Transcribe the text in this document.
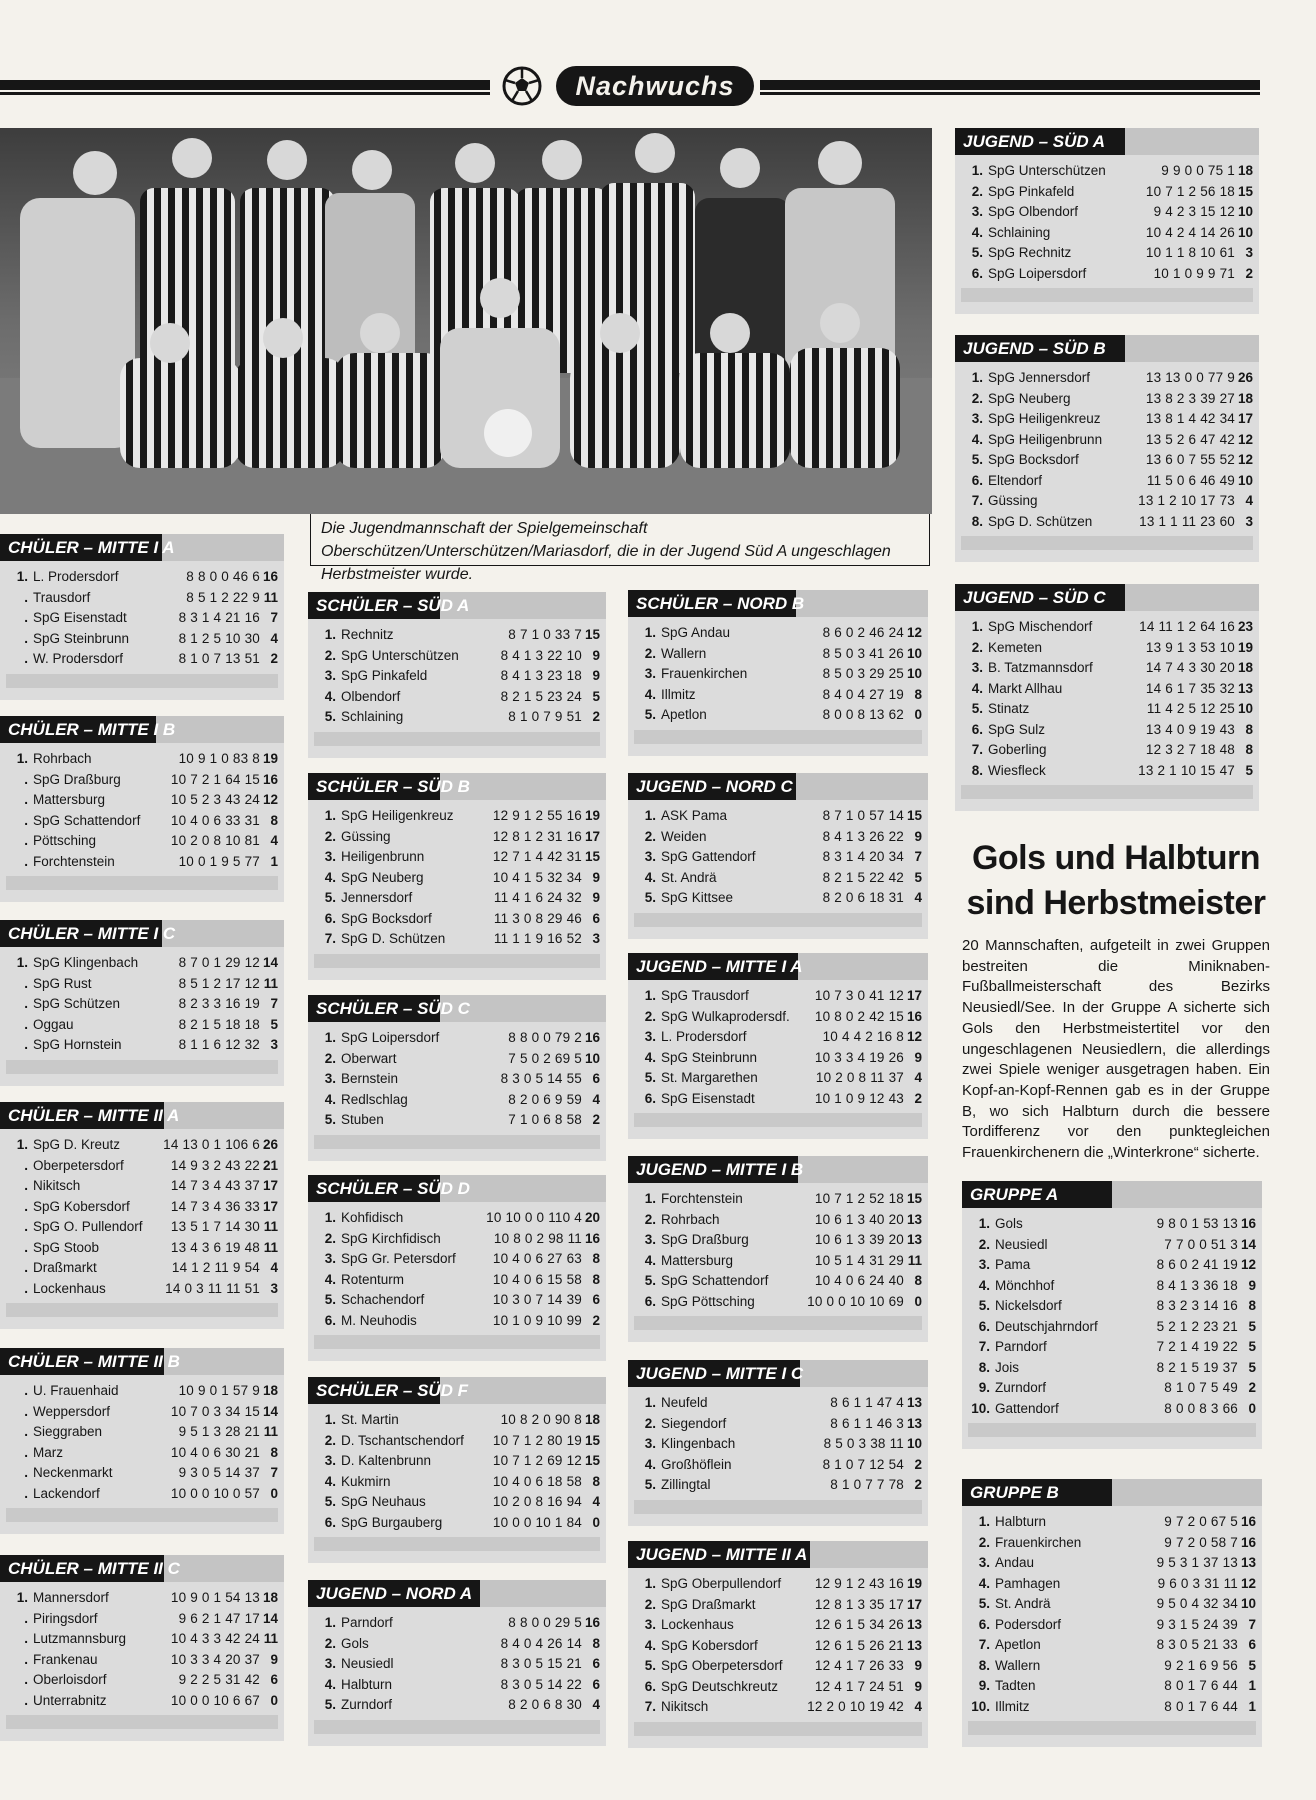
Nachwuchs
Die Jugendmannschaft der Spielgemeinschaft Oberschützen/Unterschützen/Mariasdorf, die in der Jugend Süd A ungeschlagen Herbstmeister wurde.
CHÜLER – MITTE I A
1. L. Prodersdorf	8 8 0 0 46 6 16
. Trausdorf	8 5 1 2 22 9 11
. SpG Eisenstadt	8 3 1 4 21 16 7
. SpG Steinbrunn	8 1 2 5 10 30 4
. W. Prodersdorf	8 1 0 7 13 51 2
CHÜLER – MITTE I B
1. Rohrbach	10 9 1 0 83 8 19
. SpG Draßburg	10 7 2 1 64 15 16
. Mattersburg	10 5 2 3 43 24 12
. SpG Schattendorf	10 4 0 6 33 31 8
. Pöttsching	10 2 0 8 10 81 4
. Forchtenstein	10 0 1 9 5 77 1
CHÜLER – MITTE I C
1. SpG Klingenbach	8 7 0 1 29 12 14
. SpG Rust	8 5 1 2 17 12 11
. SpG Schützen	8 2 3 3 16 19 7
. Oggau	8 2 1 5 18 18 5
. SpG Hornstein	8 1 1 6 12 32 3
CHÜLER – MITTE II A
1. SpG D. Kreutz	14 13 0 1 106 6 26
. Oberpetersdorf	14 9 3 2 43 22 21
. Nikitsch	14 7 3 4 43 37 17
. SpG Kobersdorf	14 7 3 4 36 33 17
. SpG O. Pullendorf	13 5 1 7 14 30 11
. SpG Stoob	13 4 3 6 19 48 11
. Draßmarkt	14 1 2 11 9 54 4
. Lockenhaus	14 0 3 11 11 51 3
CHÜLER – MITTE II B
. U. Frauenhaid	10 9 0 1 57 9 18
. Weppersdorf	10 7 0 3 34 15 14
. Sieggraben	9 5 1 3 28 21 11
. Marz	10 4 0 6 30 21 8
. Neckenmarkt	9 3 0 5 14 37 7
. Lackendorf	10 0 0 10 0 57 0
CHÜLER – MITTE II C
1. Mannersdorf	10 9 0 1 54 13 18
. Piringsdorf	9 6 2 1 47 17 14
. Lutzmannsburg	10 4 3 3 42 24 11
. Frankenau	10 3 3 4 20 37 9
. Oberloisdorf	9 2 2 5 31 42 6
. Unterrabnitz	10 0 0 10 6 67 0
SCHÜLER – SÜD A
1. Rechnitz	8 7 1 0 33 7 15
2. SpG Unterschützen	8 4 1 3 22 10 9
3. SpG Pinkafeld	8 4 1 3 23 18 9
4. Olbendorf	8 2 1 5 23 24 5
5. Schlaining	8 1 0 7 9 51 2
SCHÜLER – SÜD B
1. SpG Heiligenkreuz	12 9 1 2 55 16 19
2. Güssing	12 8 1 2 31 16 17
3. Heiligenbrunn	12 7 1 4 42 31 15
4. SpG Neuberg	10 4 1 5 32 34 9
5. Jennersdorf	11 4 1 6 24 32 9
6. SpG Bocksdorf	11 3 0 8 29 46 6
7. SpG D. Schützen	11 1 1 9 16 52 3
SCHÜLER – SÜD C
1. SpG Loipersdorf	8 8 0 0 79 2 16
2. Oberwart	7 5 0 2 69 5 10
3. Bernstein	8 3 0 5 14 55 6
4. Redlschlag	8 2 0 6 9 59 4
5. Stuben	7 1 0 6 8 58 2
SCHÜLER – SÜD D
1. Kohfidisch	10 10 0 0 110 4 20
2. SpG Kirchfidisch	10 8 0 2 98 11 16
3. SpG Gr. Petersdorf	10 4 0 6 27 63 8
4. Rotenturm	10 4 0 6 15 58 8
5. Schachendorf	10 3 0 7 14 39 6
6. M. Neuhodis	10 1 0 9 10 99 2
SCHÜLER – SÜD F
1. St. Martin	10 8 2 0 90 8 18
2. D. Tschantschendorf	10 7 1 2 80 19 15
3. D. Kaltenbrunn	10 7 1 2 69 12 15
4. Kukmirn	10 4 0 6 18 58 8
5. SpG Neuhaus	10 2 0 8 16 94 4
6. SpG Burgauberg	10 0 0 10 1 84 0
JUGEND – NORD A
1. Parndorf	8 8 0 0 29 5 16
2. Gols	8 4 0 4 26 14 8
3. Neusiedl	8 3 0 5 15 21 6
4. Halbturn	8 3 0 5 14 22 6
5. Zurndorf	8 2 0 6 8 30 4
SCHÜLER – NORD B
1. SpG Andau	8 6 0 2 46 24 12
2. Wallern	8 5 0 3 41 26 10
3. Frauenkirchen	8 5 0 3 29 25 10
4. Illmitz	8 4 0 4 27 19 8
5. Apetlon	8 0 0 8 13 62 0
JUGEND – NORD C
1. ASK Pama	8 7 1 0 57 14 15
2. Weiden	8 4 1 3 26 22 9
3. SpG Gattendorf	8 3 1 4 20 34 7
4. St. Andrä	8 2 1 5 22 42 5
5. SpG Kittsee	8 2 0 6 18 31 4
JUGEND – MITTE I A
1. SpG Trausdorf	10 7 3 0 41 12 17
2. SpG Wulkaprodersdf.	10 8 0 2 42 15 16
3. L. Prodersdorf	10 4 4 2 16 8 12
4. SpG Steinbrunn	10 3 3 4 19 26 9
5. St. Margarethen	10 2 0 8 11 37 4
6. SpG Eisenstadt	10 1 0 9 12 43 2
JUGEND – MITTE I B
1. Forchtenstein	10 7 1 2 52 18 15
2. Rohrbach	10 6 1 3 40 20 13
3. SpG Draßburg	10 6 1 3 39 20 13
4. Mattersburg	10 5 1 4 31 29 11
5. SpG Schattendorf	10 4 0 6 24 40 8
6. SpG Pöttsching	10 0 0 10 10 69 0
JUGEND – MITTE I C
1. Neufeld	8 6 1 1 47 4 13
2. Siegendorf	8 6 1 1 46 3 13
3. Klingenbach	8 5 0 3 38 11 10
4. Großhöflein	8 1 0 7 12 54 2
5. Zillingtal	8 1 0 7 7 78 2
JUGEND – MITTE II A
1. SpG Oberpullendorf	12 9 1 2 43 16 19
2. SpG Draßmarkt	12 8 1 3 35 17 17
3. Lockenhaus	12 6 1 5 34 26 13
4. SpG Kobersdorf	12 6 1 5 26 21 13
5. SpG Oberpetersdorf	12 4 1 7 26 33 9
6. SpG Deutschkreutz	12 4 1 7 24 51 9
7. Nikitsch	12 2 0 10 19 42 4
JUGEND – SÜD A
1. SpG Unterschützen	9 9 0 0 75 1 18
2. SpG Pinkafeld	10 7 1 2 56 18 15
3. SpG Olbendorf	9 4 2 3 15 12 10
4. Schlaining	10 4 2 4 14 26 10
5. SpG Rechnitz	10 1 1 8 10 61 3
6. SpG Loipersdorf	10 1 0 9 9 71 2
JUGEND – SÜD B
1. SpG Jennersdorf	13 13 0 0 77 9 26
2. SpG Neuberg	13 8 2 3 39 27 18
3. SpG Heiligenkreuz	13 8 1 4 42 34 17
4. SpG Heiligenbrunn	13 5 2 6 47 42 12
5. SpG Bocksdorf	13 6 0 7 55 52 12
6. Eltendorf	11 5 0 6 46 49 10
7. Güssing	13 1 2 10 17 73 4
8. SpG D. Schützen	13 1 1 11 23 60 3
JUGEND – SÜD C
1. SpG Mischendorf	14 11 1 2 64 16 23
2. Kemeten	13 9 1 3 53 10 19
3. B. Tatzmannsdorf	14 7 4 3 30 20 18
4. Markt Allhau	14 6 1 7 35 32 13
5. Stinatz	11 4 2 5 12 25 10
6. SpG Sulz	13 4 0 9 19 43 8
7. Goberling	12 3 2 7 18 48 8
8. Wiesfleck	13 2 1 10 15 47 5
Gols und Halbturn
sind Herbstmeister
20 Mannschaften, aufgeteilt in zwei Gruppen bestreiten die Miniknaben-Fußballmeisterschaft des Bezirks Neusiedl/See. In der Gruppe A sicherte sich Gols den Herbstmeistertitel vor den ungeschlagenen Neusiedlern, die allerdings zwei Spiele weniger ausgetragen haben. Ein Kopf-an-Kopf-Rennen gab es in der Gruppe B, wo sich Halbturn durch die bessere Tordifferenz vor den punktegleichen Frauenkirchenern die „Winterkrone“ sicherte.
GRUPPE A
1. Gols	9 8 0 1 53 13 16
2. Neusiedl	7 7 0 0 51 3 14
3. Pama	8 6 0 2 41 19 12
4. Mönchhof	8 4 1 3 36 18 9
5. Nickelsdorf	8 3 2 3 14 16 8
6. Deutschjahrndorf	5 2 1 2 23 21 5
7. Parndorf	7 2 1 4 19 22 5
8. Jois	8 2 1 5 19 37 5
9. Zurndorf	8 1 0 7 5 49 2
10. Gattendorf	8 0 0 8 3 66 0
GRUPPE B
1. Halbturn	9 7 2 0 67 5 16
2. Frauenkirchen	9 7 2 0 58 7 16
3. Andau	9 5 3 1 37 13 13
4. Pamhagen	9 6 0 3 31 11 12
5. St. Andrä	9 5 0 4 32 34 10
6. Podersdorf	9 3 1 5 24 39 7
7. Apetlon	8 3 0 5 21 33 6
8. Wallern	9 2 1 6 9 56 5
9. Tadten	8 0 1 7 6 44 1
10. Illmitz	8 0 1 7 6 44 1
